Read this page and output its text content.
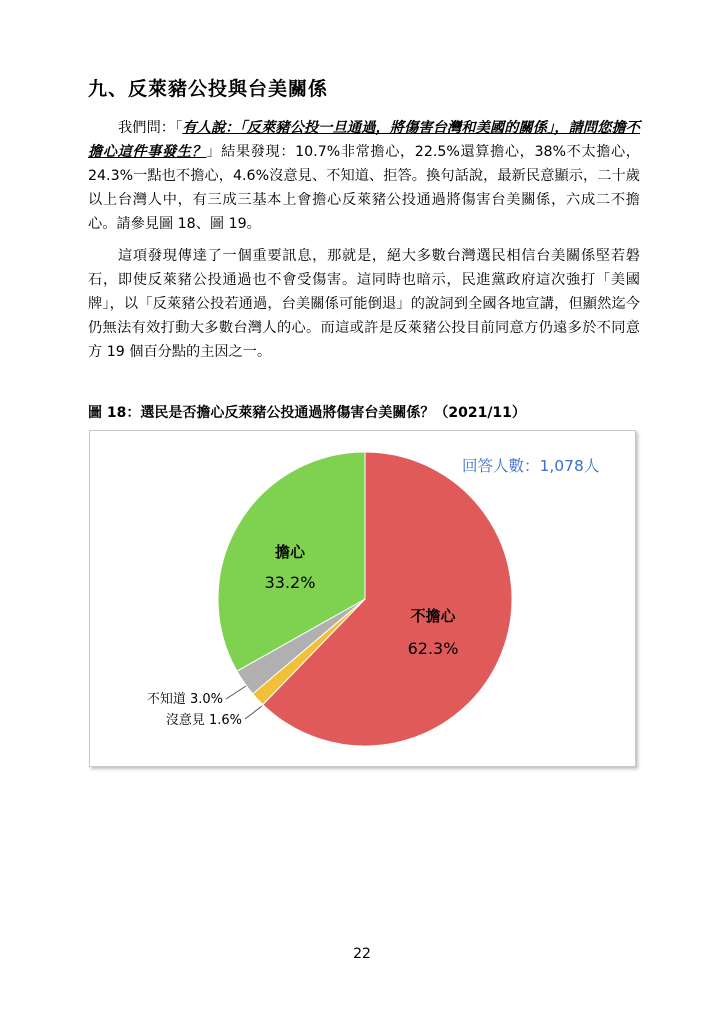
九、反萊豬公投與台美關係
我們問：「有人說：「反萊豬公投一旦通過，將傷害台灣和美國的關係」，請問您擔不擔心這件事發生？」結果發現：10.7%非常擔心，22.5%還算擔心，38%不太擔心，24.3%一點也不擔心，4.6%沒意見、不知道、拒答。換句話說，最新民意顯示，二十歲以上台灣人中，有三成三基本上會擔心反萊豬公投通過將傷害台美關係，六成二不擔心。請參見圖 18、圖 19。
這項發現傳達了一個重要訊息，那就是，絕大多數台灣選民相信台美關係堅若磐石，即使反萊豬公投通過也不會受傷害。這同時也暗示，民進黨政府這次強打「美國牌」，以「反萊豬公投若通過，台美關係可能倒退」的說詞到全國各地宣講，但顯然迄今仍無法有效打動大多數台灣人的心。而這或許是反萊豬公投目前同意方仍遠多於不同意方 19 個百分點的主因之一。
圖 18：選民是否擔心反萊豬公投通過將傷害台美關係？（2021/11）
回答人數：1,078人
擔心
33.2%
不擔心
62.3%
不知道 3.0%
沒意見 1.6%
22
